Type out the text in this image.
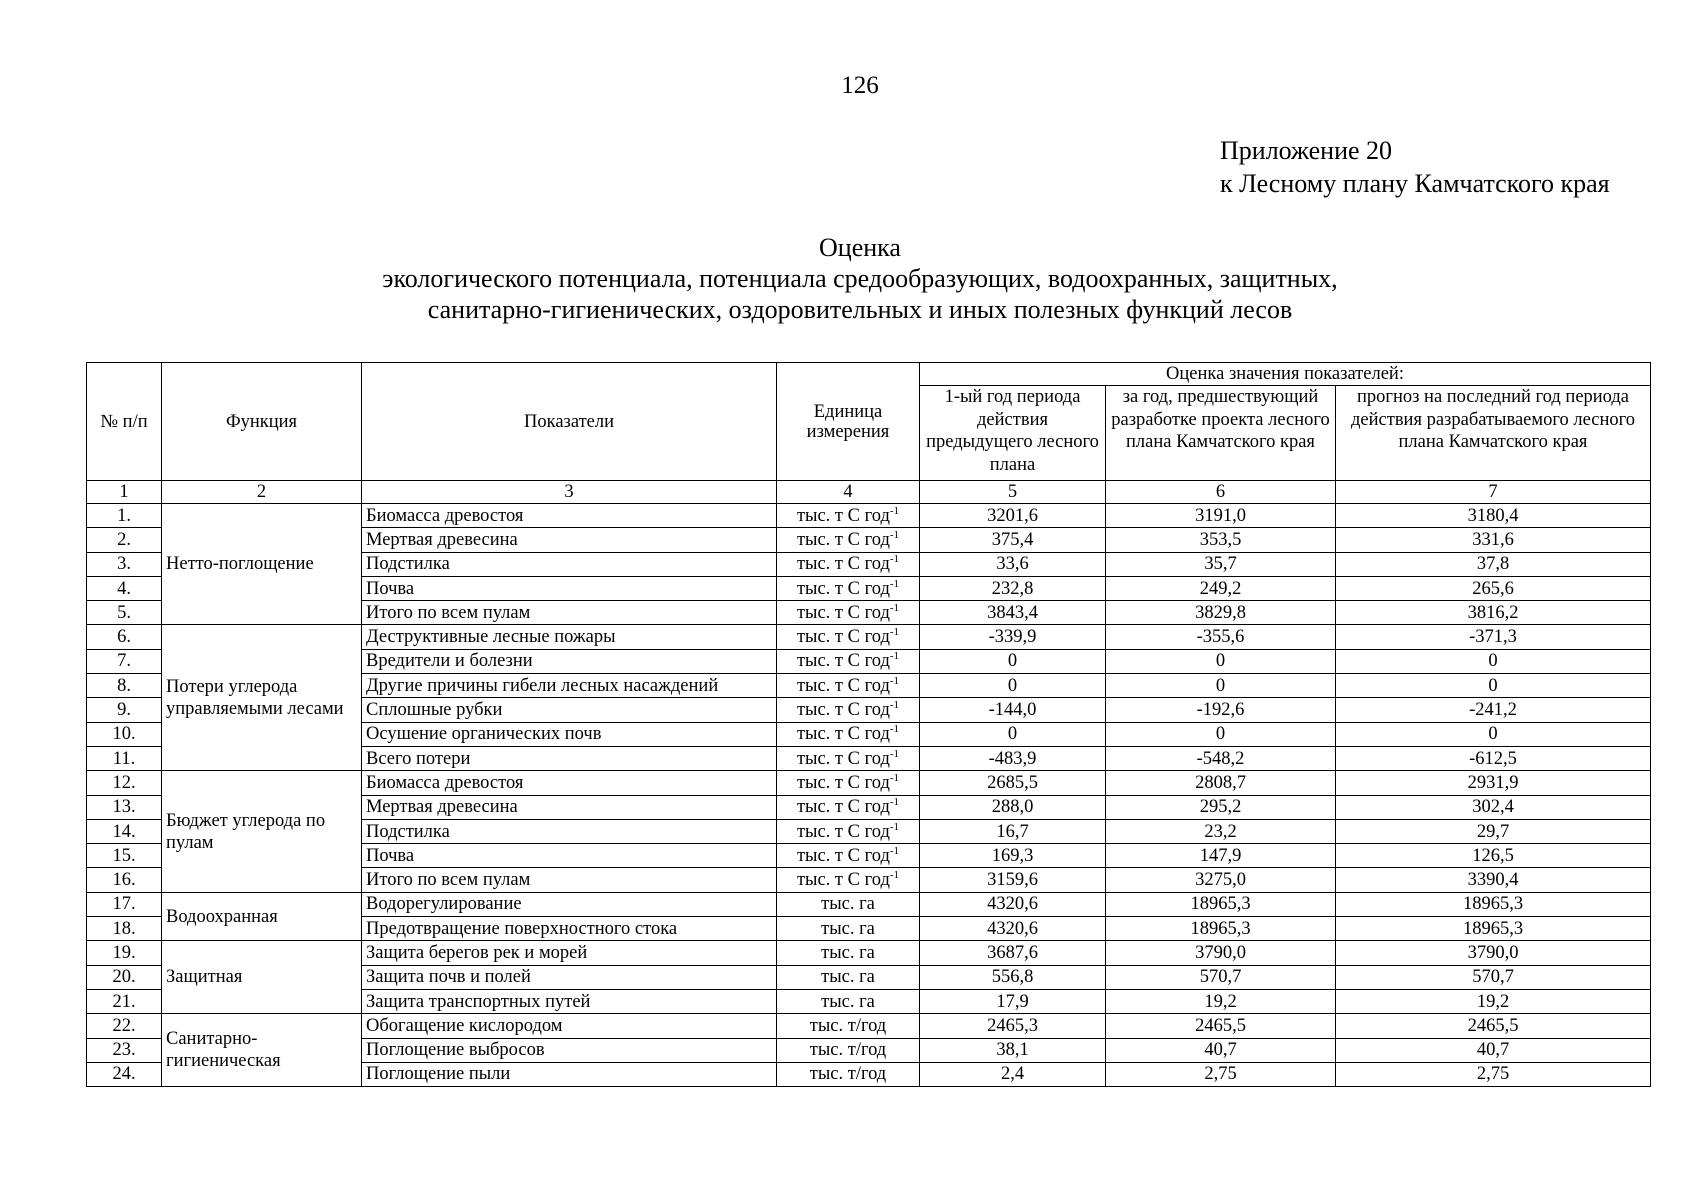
126
Приложение 20
к Лесному плану Камчатского края
Оценка
экологического потенциала, потенциала средообразующих, водоохранных, защитных,
санитарно-гигиенических, оздоровительных и иных полезных функций лесов
№ п/п	Функция	Показатели	Единица измерения	Оценка значения показателей:		
				1-ый год периода действия предыдущего лесного плана	за год, предшествующий разработке проекта лесного плана Камчатского края	прогноз на последний год периода действия разрабатываемого лесного плана Камчатского края
1	2	3	4	5	6	7
1.	Нетто-поглощение	Биомасса древостоя	тыс. т С год$^{-1}$	3201,6	3191,0	3180,4
2.		Мертвая древесина	тыс. т С год$^{-1}$	375,4	353,5	331,6
3.		Подстилка	тыс. т С год$^{-1}$	33,6	35,7	37,8
4.		Почва	тыс. т С год$^{-1}$	232,8	249,2	265,6
5.		Итого по всем пулам	тыс. т С год$^{-1}$	3843,4	3829,8	3816,2
6.	Потери углерода управляемыми лесами	Деструктивные лесные пожары	тыс. т С год$^{-1}$	-339,9	-355,6	-371,3
7.		Вредители и болезни	тыс. т С год$^{-1}$	0	0	0
8.		Другие причины гибели лесных насаждений	тыс. т С год$^{-1}$	0	0	0
9.		Сплошные рубки	тыс. т С год$^{-1}$	-144,0	-192,6	-241,2
10.		Осушение органических почв	тыс. т С год$^{-1}$	0	0	0
11.		Всего потери	тыс. т С год$^{-1}$	-483,9	-548,2	-612,5
12.	Бюджет углерода по пулам	Биомасса древостоя	тыс. т С год$^{-1}$	2685,5	2808,7	2931,9
13.		Мертвая древесина	тыс. т С год$^{-1}$	288,0	295,2	302,4
14.		Подстилка	тыс. т С год$^{-1}$	16,7	23,2	29,7
15.		Почва	тыс. т С год$^{-1}$	169,3	147,9	126,5
16.		Итого по всем пулам	тыс. т С год$^{-1}$	3159,6	3275,0	3390,4
17.	Водоохранная	Водорегулирование	тыс. га	4320,6	18965,3	18965,3
18.		Предотвращение поверхностного стока	тыс. га	4320,6	18965,3	18965,3
19.	Защитная	Защита берегов рек и морей	тыс. га	3687,6	3790,0	3790,0
20.		Защита почв и полей	тыс. га	556,8	570,7	570,7
21.		Защита транспортных путей	тыс. га	17,9	19,2	19,2
22.	Санитарно-гигиеническая	Обогащение кислородом	тыс. т/год	2465,3	2465,5	2465,5
23.		Поглощение выбросов	тыс. т/год	38,1	40,7	40,7
24.		Поглощение пыли	тыс. т/год	2,4	2,75	2,75
